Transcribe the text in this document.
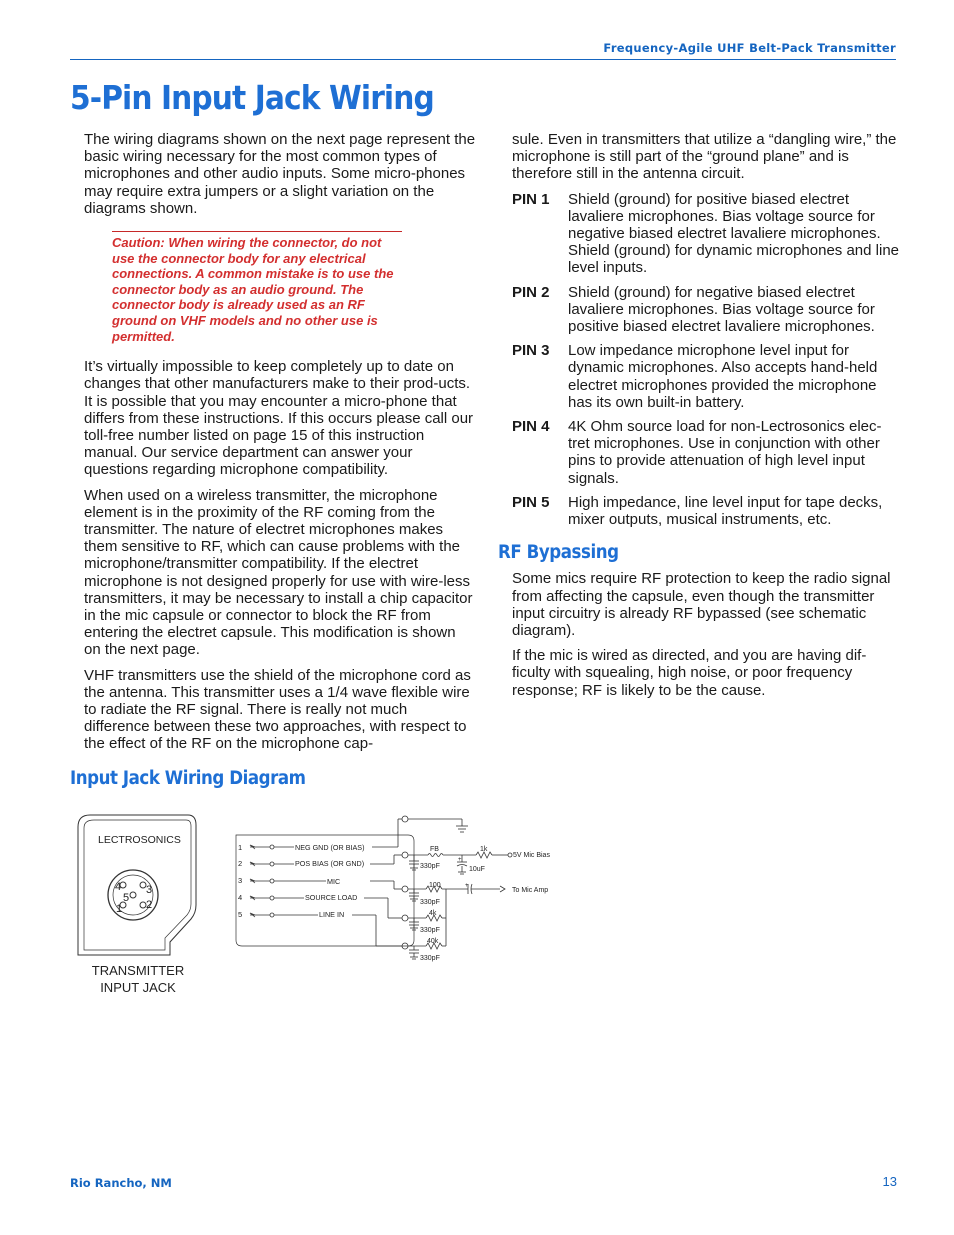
Frequency-Agile UHF Belt-Pack Transmitter
5-Pin Input Jack Wiring

The wiring diagrams shown on the next page represent the basic wiring necessary for the most common types of microphones and other audio inputs. Some micro-phones may require extra jumpers or a slight variation on the diagrams shown.

Caution: When wiring the connector, do not use the connector body for any electrical connections. A common mistake is to use the connector body as an audio ground. The connector body is already used as an RF ground on VHF models and no other use is permitted.

It’s virtually impossible to keep completely up to date on changes that other manufacturers make to their prod-ucts. It is possible that you may encounter a micro-phone that differs from these instructions. If this occurs please call our toll-free number listed on page 15 of this instruction manual. Our service department can answer your questions regarding microphone compatibility.

When used on a wireless transmitter, the microphone element is in the proximity of the RF coming from the transmitter. The nature of electret microphones makes them sensitive to RF, which can cause problems with the microphone/transmitter compatibility. If the electret microphone is not designed properly for use with wire-less transmitters, it may be necessary to install a chip capacitor in the mic capsule or connector to block the RF from entering the electret capsule. This modification is shown on the next page.

VHF transmitters use the shield of the microphone cord as the antenna. This transmitter uses a 1/4 wave flexible wire to radiate the RF signal. There is really not much difference between these two approaches, with respect to the effect of the RF on the microphone cap-

sule. Even in transmitters that utilize a “dangling wire,” the microphone is still part of the “ground plane” and is therefore still in the antenna circuit.

PIN 1	Shield (ground) for positive biased electret lavaliere microphones. Bias voltage source for negative biased electret lavaliere microphones. Shield (ground) for dynamic microphones and line level inputs.
PIN 2	Shield (ground) for negative biased electret lavaliere microphones. Bias voltage source for positive biased electret lavaliere microphones.
PIN 3	Low impedance microphone level input for dynamic microphones. Also accepts hand-held electret microphones provided the microphone has its own built-in battery.
PIN 4	4K Ohm source load for non-Lectrosonics elec-tret microphones. Use in conjunction with other pins to provide attenuation of high level input signals.
PIN 5	High impedance, line level input for tape decks, mixer outputs, musical instruments, etc.
RF Bypassing

Some mics require RF protection to keep the radio signal from affecting the capsule, even though the transmitter input circuitry is already RF bypassed (see schematic diagram).

If the mic is wired as directed, and you are having dif-ficulty with squealing, high noise, or poor frequency response; RF is likely to be the cause.

Input Jack Wiring Diagram
LECTROSONICS
4
5
3
1 2
TRANSMITTER
INPUT JACK
1
2
3
4
5
NEG GND (OR BIAS)
POS BIAS (OR GND)
MIC
SOURCE LOAD
LINE IN
FB	1k
330pF	10uF
+
+
100
330pF
4k
330pF
40k
330pF
5V Mic Bias
To Mic Amp
Rio Rancho, NM	13
